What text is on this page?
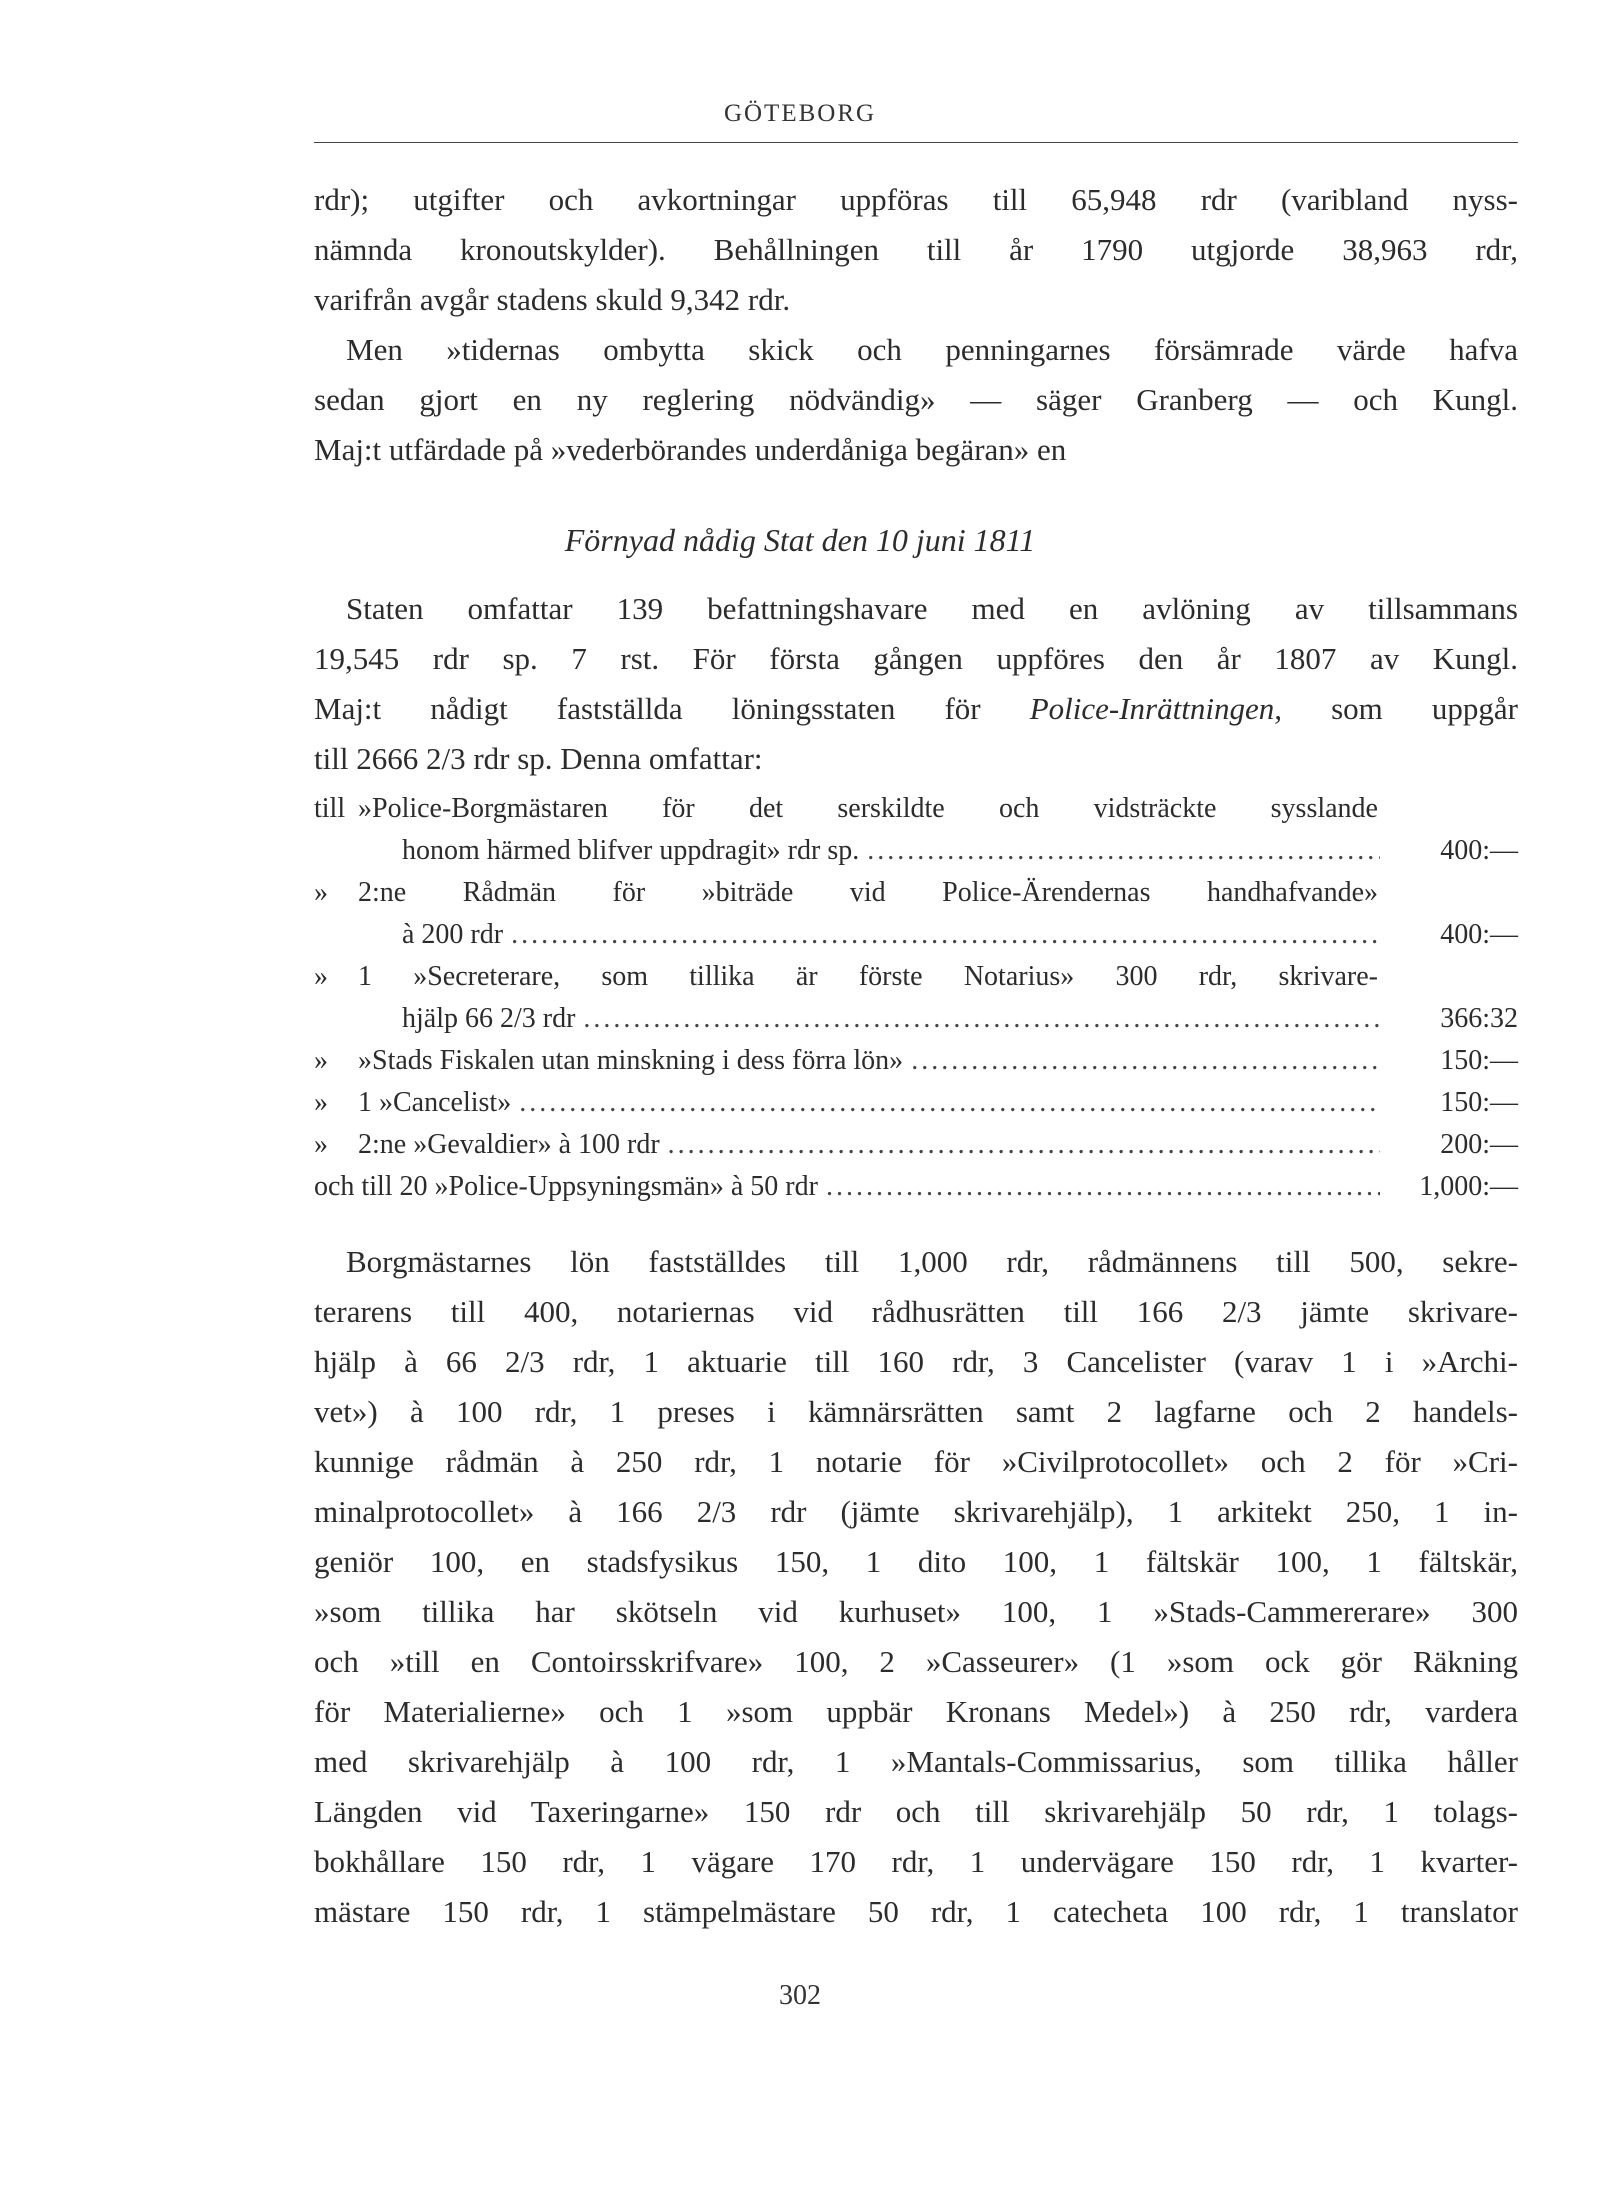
GÖTEBORG
rdr); utgifter och avkortningar uppföras till 65,948 rdr (varibland nyss-
nämnda kronoutskylder). Behållningen till år 1790 utgjorde 38,963 rdr,
varifrån avgår stadens skuld 9,342 rdr.
Men »tidernas ombytta skick och penningarnes försämrade värde hafva
sedan gjort en ny reglering nödvändig» — säger Granberg — och Kungl.
Maj:t utfärdade på »vederbörandes underdåniga begäran» en
Förnyad nådig Stat den 10 juni 1811
Staten omfattar 139 befattningshavare med en avlöning av tillsammans
19,545 rdr sp. 7 rst. För första gången uppföres den år 1807 av Kungl.
Maj:t nådigt fastställda löningsstaten för Police-Inrättningen, som uppgår
till 2666 2/3 rdr sp. Denna omfattar:
till »Police-Borgmästaren för det serskildte och vidsträckte sysslande
honom härmed blifver uppdragit» rdr sp. .....	400:—
»	2:ne Rådmän för »biträde vid Police-Ärendernas handhafvande»
à 200 rdr .....	400:—
»	1 »Secreterare, som tillika är förste Notarius» 300 rdr, skrivare-
hjälp 66 2/3 rdr .....	366:32
»	»Stads Fiskalen utan minskning i dess förra lön» .....	150:—
»	1 »Cancelist» .....	150:—
»	2:ne »Gevaldier» à 100 rdr .....	200:—
och till 20 »Police-Uppsyningsmän» à 50 rdr .....	1,000:—
Borgmästarnes lön fastställdes till 1,000 rdr, rådmännens till 500, sekre-
terarens till 400, notariernas vid rådhusrätten till 166 2/3 jämte skrivare-
hjälp à 66 2/3 rdr, 1 aktuarie till 160 rdr, 3 Cancelister (varav 1 i »Archi-
vet») à 100 rdr, 1 preses i kämnärsrätten samt 2 lagfarne och 2 handels-
kunnige rådmän à 250 rdr, 1 notarie för »Civilprotocollet» och 2 för »Cri-
minalprotocollet» à 166 2/3 rdr (jämte skrivarehjälp), 1 arkitekt 250, 1 in-
geniör 100, en stadsfysikus 150, 1 dito 100, 1 fältskär 100, 1 fältskär,
»som tillika har skötseln vid kurhuset» 100, 1 »Stads-Cammererare» 300
och »till en Contoirsskrifvare» 100, 2 »Casseurer» (1 »som ock gör Räkning
för Materialierne» och 1 »som uppbär Kronans Medel») à 250 rdr, vardera
med skrivarehjälp à 100 rdr, 1 »Mantals-Commissarius, som tillika håller
Längden vid Taxeringarne» 150 rdr och till skrivarehjälp 50 rdr, 1 tolags-
bokhållare 150 rdr, 1 vägare 170 rdr, 1 undervägare 150 rdr, 1 kvarter-
mästare 150 rdr, 1 stämpelmästare 50 rdr, 1 catecheta 100 rdr, 1 translator
302
